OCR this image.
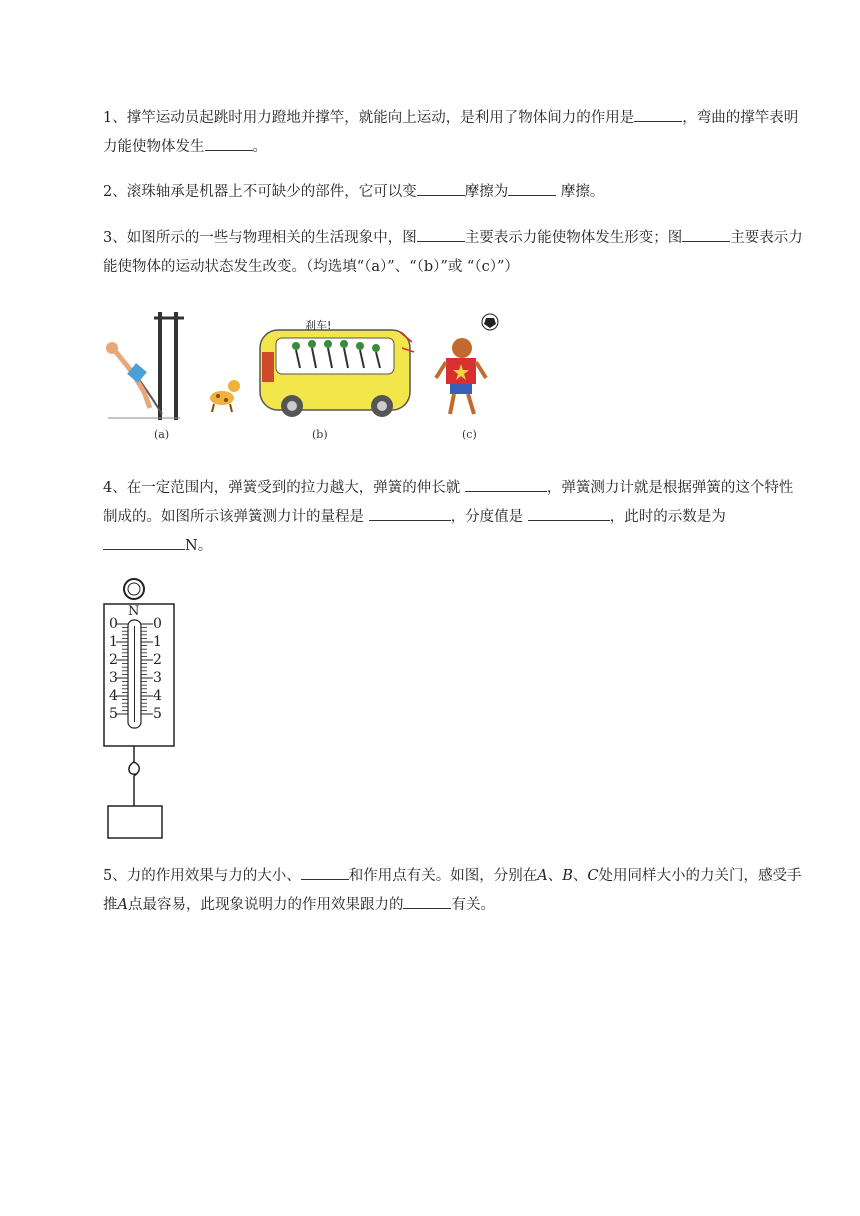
1、撑竿运动员起跳时用力蹬地并撑竿，就能向上运动，是利用了物体间力的作用是	，弯曲的撑竿表明力能使物体发生	。
2、滚珠轴承是机器上不可缺少的部件，它可以变	摩擦为	摩擦。
3、如图所示的一些与物理相关的生活现象中，图	主要表示力能使物体发生形变；图	主要表示力能使物体的运动状态发生改变。（均选填“（a）”、“（b）”或 “（c）”）
刹车!
(a)	(b)	(c)
4、在一定范围内，弹簧受到的拉力越大，弹簧的伸长就	，弹簧测力计就是根据弹簧的这个特性制成的。如图所示该弹簧测力计的量程是	，分度值是	，此时的示数是为 N。
N
0
1
2
3
4
5
0
1
2
3
4
5
5、力的作用效果与力的大小、	和作用点有关。如图，分别在A、B、C处用同样大小的力关门，感受手推A点最容易，此现象说明力的作用效果跟力的	有关。
